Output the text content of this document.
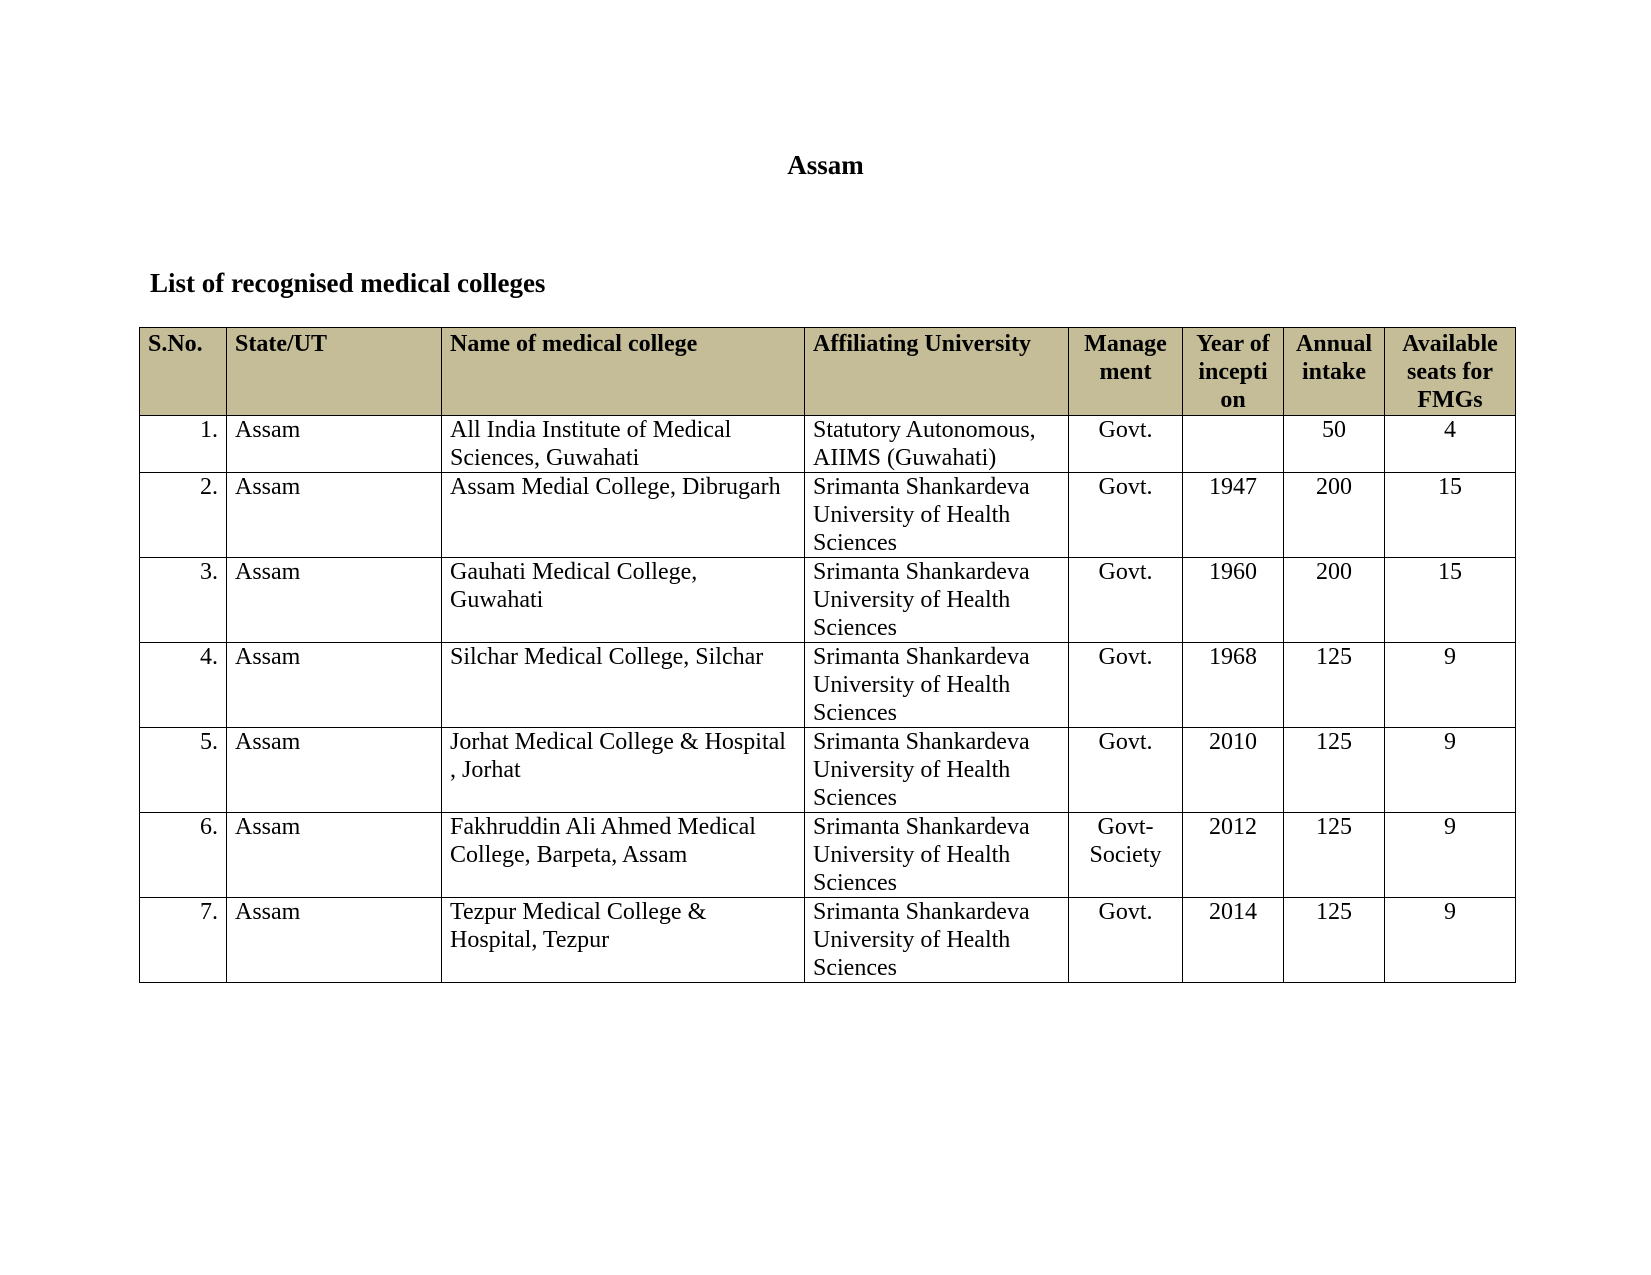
Assam
List of recognised medical colleges
S.No.	State/UT	Name of medical college	Affiliating University	Manage ment	Year of incepti on	Annual intake	Available seats for FMGs
1.	Assam	All India Institute of Medical Sciences, Guwahati	Statutory Autonomous, AIIMS (Guwahati)	Govt.		50	4
2.	Assam	Assam Medial College, Dibrugarh	Srimanta Shankardeva University of Health Sciences	Govt.	1947	200	15
3.	Assam	Gauhati Medical College, Guwahati	Srimanta Shankardeva University of Health Sciences	Govt.	1960	200	15
4.	Assam	Silchar Medical College, Silchar	Srimanta Shankardeva University of Health Sciences	Govt.	1968	125	9
5.	Assam	Jorhat Medical College & Hospital , Jorhat	Srimanta Shankardeva University of Health Sciences	Govt.	2010	125	9
6.	Assam	Fakhruddin Ali Ahmed Medical College, Barpeta, Assam	Srimanta Shankardeva University of Health Sciences	Govt- Society	2012	125	9
7.	Assam	Tezpur Medical College & Hospital, Tezpur	Srimanta Shankardeva University of Health Sciences	Govt.	2014	125	9
